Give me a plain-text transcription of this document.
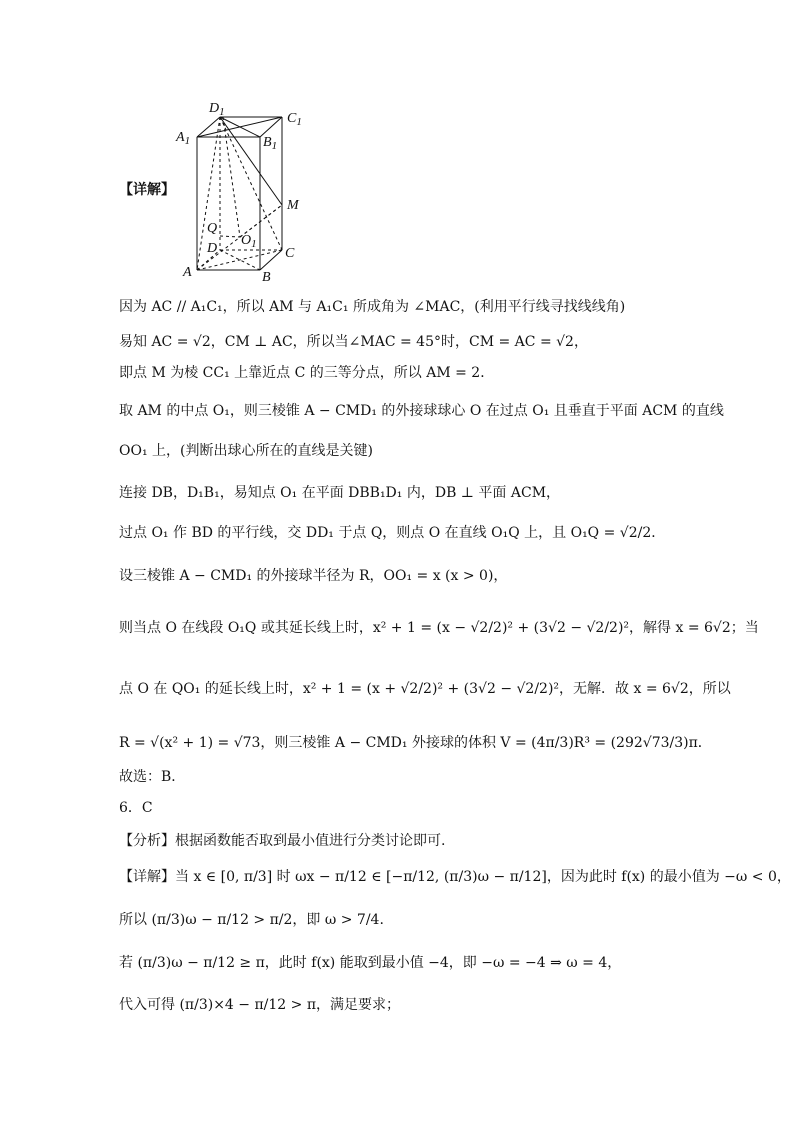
【详解】
$D_1$	$C_1$
$A_1$	$B_1$
M
Q
D
$O_1$
C
A	B
因为 AC // A₁C₁，所以 AM 与 A₁C₁ 所成角为 ∠MAC，(利用平行线寻找线线角)
易知 AC = √2，CM ⊥ AC，所以当∠MAC = 45°时，CM = AC = √2，
即点 M 为棱 CC₁ 上靠近点 C 的三等分点，所以 AM = 2．
取 AM 的中点 O₁，则三棱锥 A − CMD₁ 的外接球球心 O 在过点 O₁ 且垂直于平面 ACM 的直线
OO₁ 上，(判断出球心所在的直线是关键)
连接 DB，D₁B₁，易知点 O₁ 在平面 DBB₁D₁ 内，DB ⊥ 平面 ACM，
过点 O₁ 作 BD 的平行线，交 DD₁ 于点 Q，则点 O 在直线 O₁Q 上，且 O₁Q = √2/2．
设三棱锥 A − CMD₁ 的外接球半径为 R，OO₁ = x (x > 0)，
则当点 O 在线段 O₁Q 或其延长线上时，x² + 1 = (x − √2/2)² + (3√2 − √2/2)²，解得 x = 6√2；当
点 O 在 QO₁ 的延长线上时，x² + 1 = (x + √2/2)² + (3√2 − √2/2)²，无解．故 x = 6√2，所以
R = √(x² + 1) = √73，则三棱锥 A − CMD₁ 外接球的体积 V = (4π/3)R³ = (292√73/3)π．
故选：B．
6．C
【分析】根据函数能否取到最小值进行分类讨论即可.
【详解】当 x ∈ [0, π/3] 时 ωx − π/12 ∈ [−π/12, (π/3)ω − π/12]，因为此时 f(x) 的最小值为 −ω < 0，
所以 (π/3)ω − π/12 > π/2，即 ω > 7/4.
若 (π/3)ω − π/12 ≥ π，此时 f(x) 能取到最小值 −4，即 −ω = −4 ⇒ ω = 4，
代入可得 (π/3)×4 − π/12 > π，满足要求；
